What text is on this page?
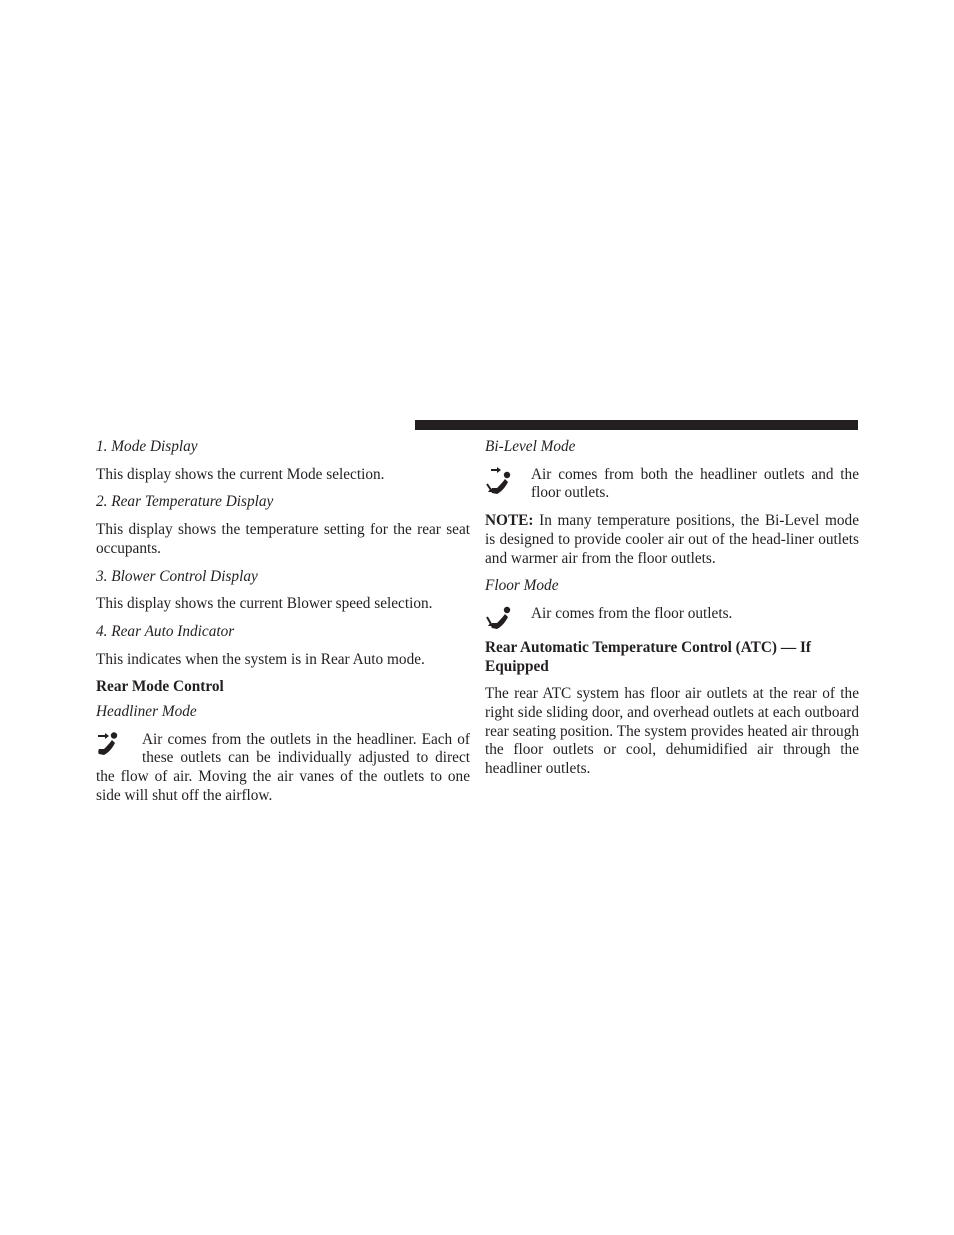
1. Mode Display

This display shows the current Mode selection.

2. Rear Temperature Display

This display shows the temperature setting for the rear seat occupants.

3. Blower Control Display

This display shows the current Blower speed selection.

4. Rear Auto Indicator

This indicates when the system is in Rear Auto mode.

Rear Mode Control

Headliner Mode

Air comes from the outlets in the headliner. Each of these outlets can be individually adjusted to direct the flow of air. Moving the air vanes of the outlets to one side will shut off the airflow.

Bi-Level Mode

Air comes from both the headliner outlets and the floor outlets.

NOTE: In many temperature positions, the Bi-Level mode is designed to provide cooler air out of the head-liner outlets and warmer air from the floor outlets.

Floor Mode

Air comes from the floor outlets.

Rear Automatic Temperature Control (ATC) — If Equipped

The rear ATC system has floor air outlets at the rear of the right side sliding door, and overhead outlets at each outboard rear seating position. The system provides heated air through the floor outlets or cool, dehumidified air through the headliner outlets.
